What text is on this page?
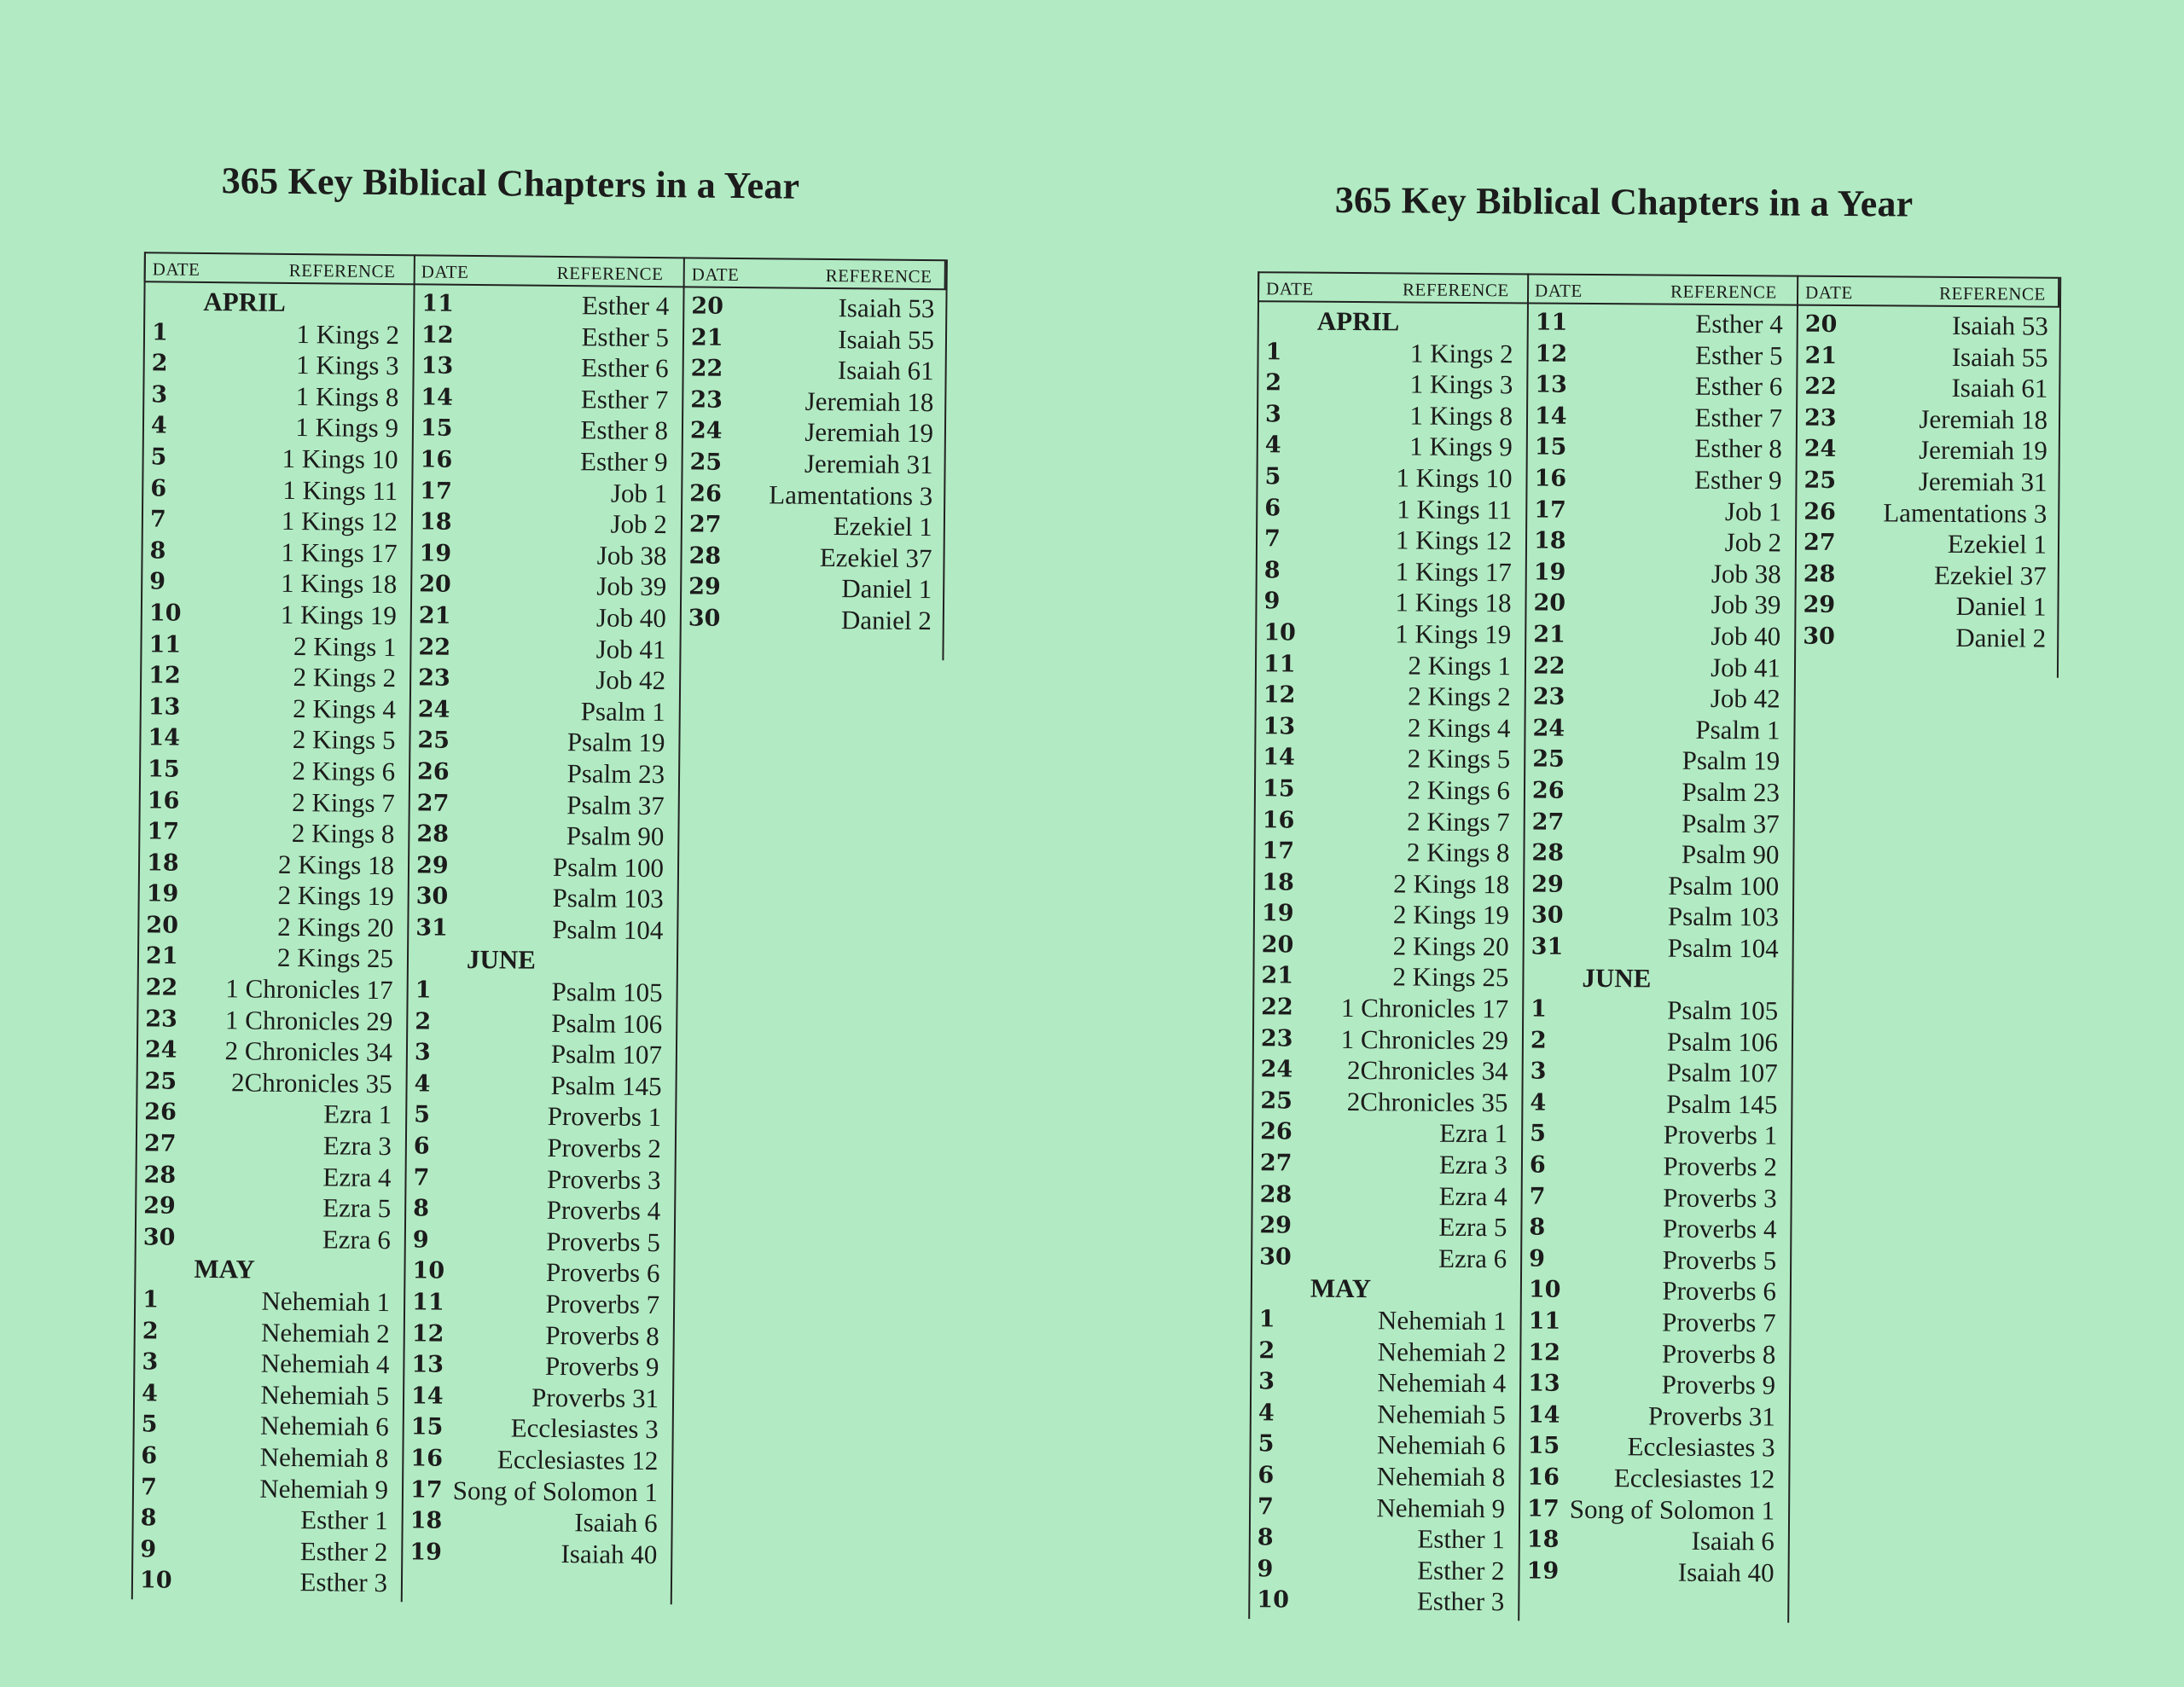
365 Key Biblical Chapters in a Year
DATE	REFERENCE DATE	REFERENCE DATE	REFERENCE
APRIL
1	1 Kings 2
2	1 Kings 3
3	1 Kings 8
4	1 Kings 9
5	1 Kings 10
6	1 Kings 11
7	1 Kings 12
8	1 Kings 17
9	1 Kings 18
10	1 Kings 19
11	2 Kings 1
12	2 Kings 2
13	2 Kings 4
14	2 Kings 5
15	2 Kings 6
16	2 Kings 7
17	2 Kings 8
18	2 Kings 18
19	2 Kings 19
20	2 Kings 20
21	2 Kings 25
22 1 Chronicles 17
23 1 Chronicles 29
24 2 Chronicles 34
25 2Chronicles 35
26	Ezra 1
27	Ezra 3
28	Ezra 4
29	Ezra 5
30	Ezra 6
MAY
1	Nehemiah 1
2	Nehemiah 2
3	Nehemiah 4
4	Nehemiah 5
5	Nehemiah 6
6	Nehemiah 8
7	Nehemiah 9
8	Esther 1
9	Esther 2
10	Esther 3
11	Esther 4
12	Esther 5
13	Esther 6
14	Esther 7
15	Esther 8
16	Esther 9
17	Job 1
18	Job 2
19	Job 38
20	Job 39
21	Job 40
22	Job 41
23	Job 42
24	Psalm 1
25	Psalm 19
26	Psalm 23
27	Psalm 37
28	Psalm 90
29	Psalm 100
30	Psalm 103
31	Psalm 104
JUNE
1	Psalm 105
2	Psalm 106
3	Psalm 107
4	Psalm 145
5	Proverbs 1
6	Proverbs 2
7	Proverbs 3
8	Proverbs 4
9	Proverbs 5
10	Proverbs 6
11	Proverbs 7
12	Proverbs 8
13	Proverbs 9
14	Proverbs 31
15	Ecclesiastes 3
16 Ecclesiastes 12
17 Song of Solomon 1
18	Isaiah 6
19	Isaiah 40
20	Isaiah 53
21	Isaiah 55
22	Isaiah 61
23	Jeremiah 18
24	Jeremiah 19
25	Jeremiah 31
26 Lamentations 3
27	Ezekiel 1
28	Ezekiel 37
29	Daniel 1
30	Daniel 2
365 Key Biblical Chapters in a Year
DATE	REFERENCE DATE	REFERENCE DATE	REFERENCE
APRIL
1	1 Kings 2
2	1 Kings 3
3	1 Kings 8
4	1 Kings 9
5	1 Kings 10
6	1 Kings 11
7	1 Kings 12
8	1 Kings 17
9	1 Kings 18
10	1 Kings 19
11	2 Kings 1
12	2 Kings 2
13	2 Kings 4
14	2 Kings 5
15	2 Kings 6
16	2 Kings 7
17	2 Kings 8
18	2 Kings 18
19	2 Kings 19
20	2 Kings 20
21	2 Kings 25
22 1 Chronicles 17
23 1 Chronicles 29
24 2Chronicles 34
25 2Chronicles 35
26	Ezra 1
27	Ezra 3
28	Ezra 4
29	Ezra 5
30	Ezra 6
MAY
1	Nehemiah 1
2	Nehemiah 2
3	Nehemiah 4
4	Nehemiah 5
5	Nehemiah 6
6	Nehemiah 8
7	Nehemiah 9
8	Esther 1
9	Esther 2
10	Esther 3
11	Esther 4
12	Esther 5
13	Esther 6
14	Esther 7
15	Esther 8
16	Esther 9
17	Job 1
18	Job 2
19	Job 38
20	Job 39
21	Job 40
22	Job 41
23	Job 42
24	Psalm 1
25	Psalm 19
26	Psalm 23
27	Psalm 37
28	Psalm 90
29	Psalm 100
30	Psalm 103
31	Psalm 104
JUNE
1	Psalm 105
2	Psalm 106
3	Psalm 107
4	Psalm 145
5	Proverbs 1
6	Proverbs 2
7	Proverbs 3
8	Proverbs 4
9	Proverbs 5
10	Proverbs 6
11	Proverbs 7
12	Proverbs 8
13	Proverbs 9
14	Proverbs 31
15	Ecclesiastes 3
16 Ecclesiastes 12
17 Song of Solomon 1
18	Isaiah 6
19	Isaiah 40
20	Isaiah 53
21	Isaiah 55
22	Isaiah 61
23	Jeremiah 18
24	Jeremiah 19
25	Jeremiah 31
26 Lamentations 3
27	Ezekiel 1
28	Ezekiel 37
29	Daniel 1
30	Daniel 2
